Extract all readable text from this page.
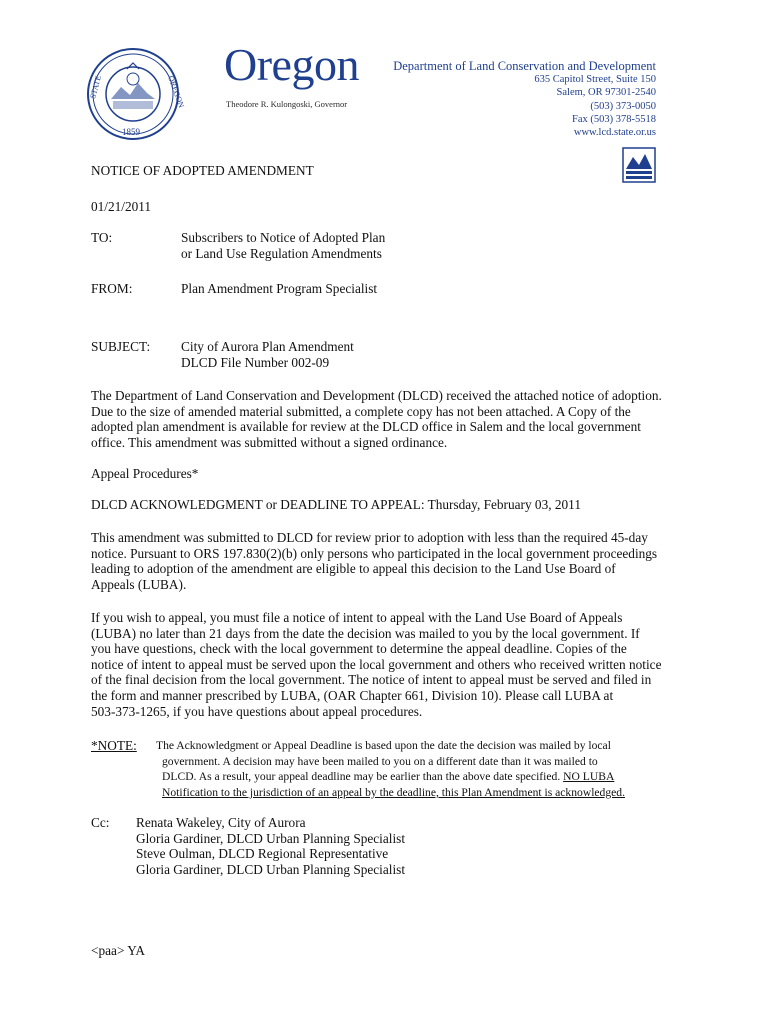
STATE	OREGON
1859
Oregon
Theodore R. Kulongoski, Governor
Department of Land Conservation and Development
635 Capitol Street, Suite 150
Salem, OR 97301-2540
(503) 373-0050
Fax (503) 378-5518
www.lcd.state.or.us
NOTICE OF ADOPTED AMENDMENT
01/21/2011
TO:	Subscribers to Notice of Adopted Plan
or Land Use Regulation Amendments
FROM:	Plan Amendment Program Specialist
SUBJECT: City of Aurora Plan Amendment
DLCD File Number 002-09
The Department of Land Conservation and Development (DLCD) received the attached notice of adoption.
Due to the size of amended material submitted, a complete copy has not been attached. A Copy of the
adopted plan amendment is available for review at the DLCD office in Salem and the local government
office. This amendment was submitted without a signed ordinance.
Appeal Procedures*
DLCD ACKNOWLEDGMENT or DEADLINE TO APPEAL: Thursday, February 03, 2011
This amendment was submitted to DLCD for review prior to adoption with less than the required 45-day
notice. Pursuant to ORS 197.830(2)(b) only persons who participated in the local government proceedings
leading to adoption of the amendment are eligible to appeal this decision to the Land Use Board of
Appeals (LUBA).
If you wish to appeal, you must file a notice of intent to appeal with the Land Use Board of Appeals
(LUBA) no later than 21 days from the date the decision was mailed to you by the local government. If
you have questions, check with the local government to determine the appeal deadline. Copies of the
notice of intent to appeal must be served upon the local government and others who received written notice
of the final decision from the local government. The notice of intent to appeal must be served and filed in
the form and manner prescribed by LUBA, (OAR Chapter 661, Division 10). Please call LUBA at
503-373-1265, if you have questions about appeal procedures.
*NOTE: The Acknowledgment or Appeal Deadline is based upon the date the decision was mailed by local
government. A decision may have been mailed to you on a different date than it was mailed to
DLCD. As a result, your appeal deadline may be earlier than the above date specified. NO LUBA
Notification to the jurisdiction of an appeal by the deadline, this Plan Amendment is acknowledged.
Cc: Renata Wakeley, City of Aurora
Gloria Gardiner, DLCD Urban Planning Specialist
Steve Oulman, DLCD Regional Representative
Gloria Gardiner, DLCD Urban Planning Specialist
<paa> YA
